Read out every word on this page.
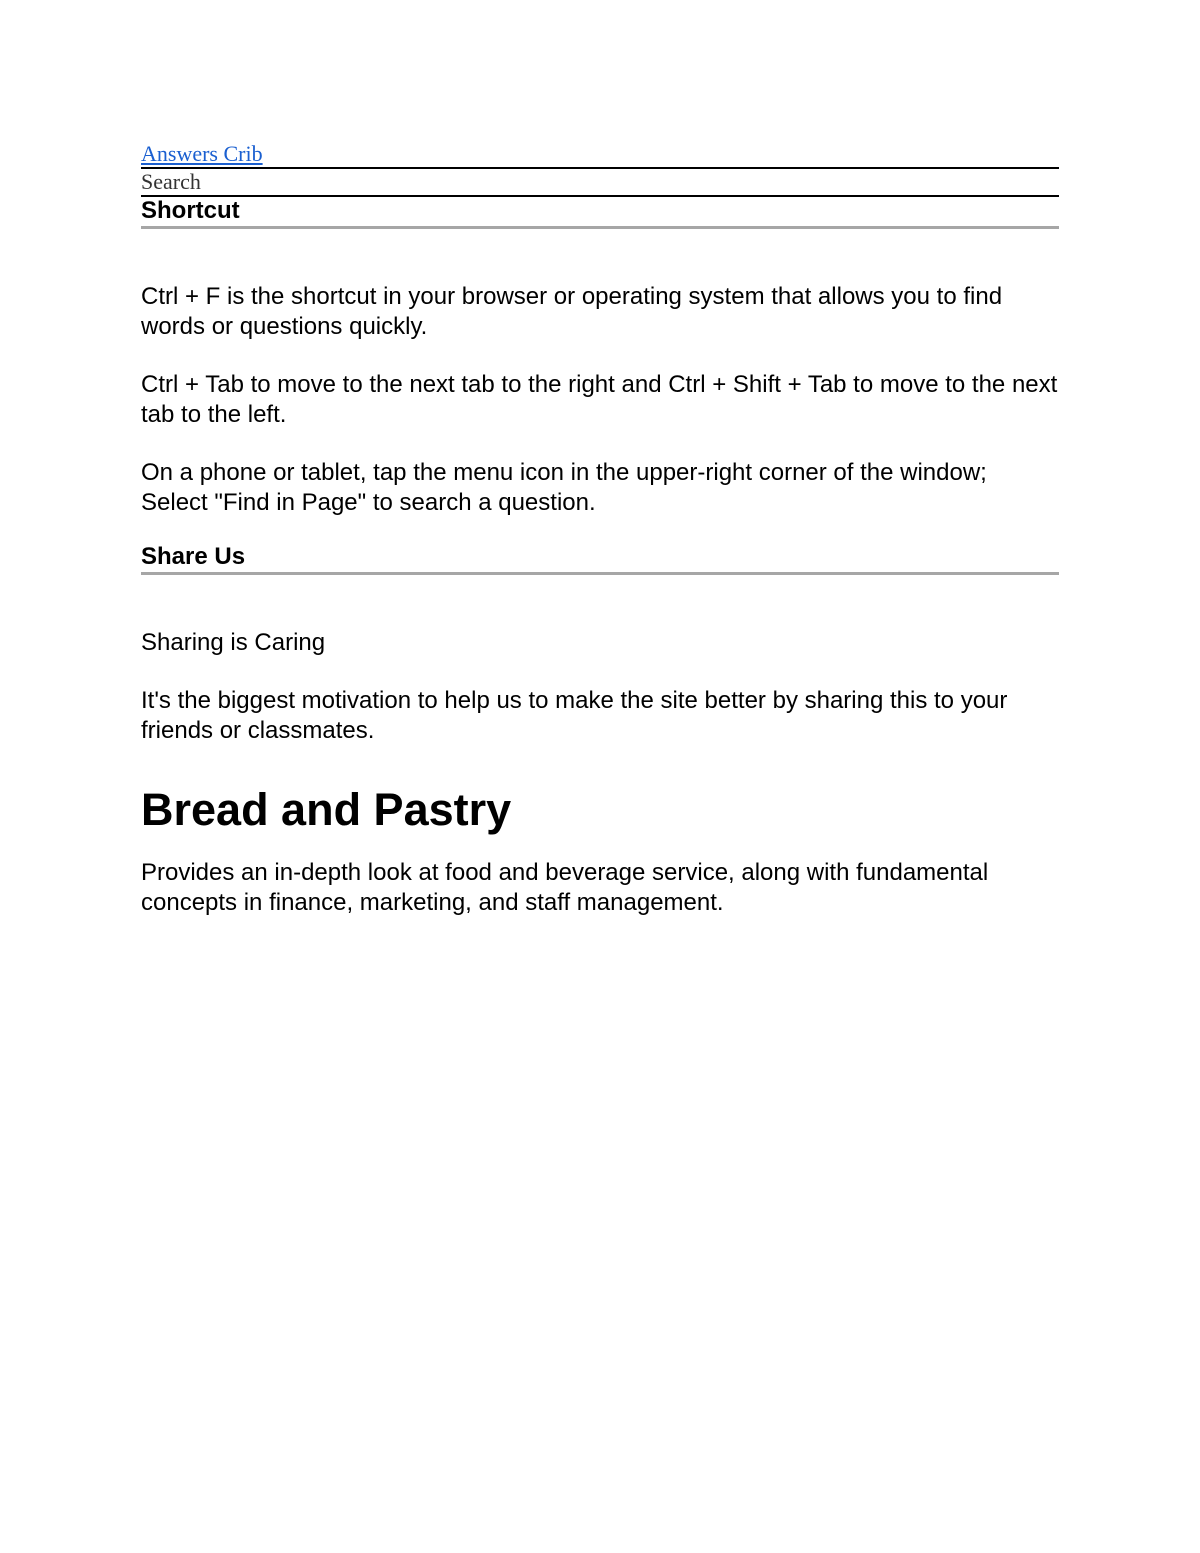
Answers Crib
Search
Shortcut

Ctrl + F is the shortcut in your browser or operating system that allows you to find words or questions quickly.

Ctrl + Tab to move to the next tab to the right and Ctrl + Shift + Tab to move to the next tab to the left.

On a phone or tablet, tap the menu icon in the upper-right corner of the window; Select "Find in Page" to search a question.

Share Us

Sharing is Caring

It's the biggest motivation to help us to make the site better by sharing this to your friends or classmates.

Bread and Pastry

Provides an in-depth look at food and beverage service, along with fundamental concepts in finance, marketing, and staff management.
